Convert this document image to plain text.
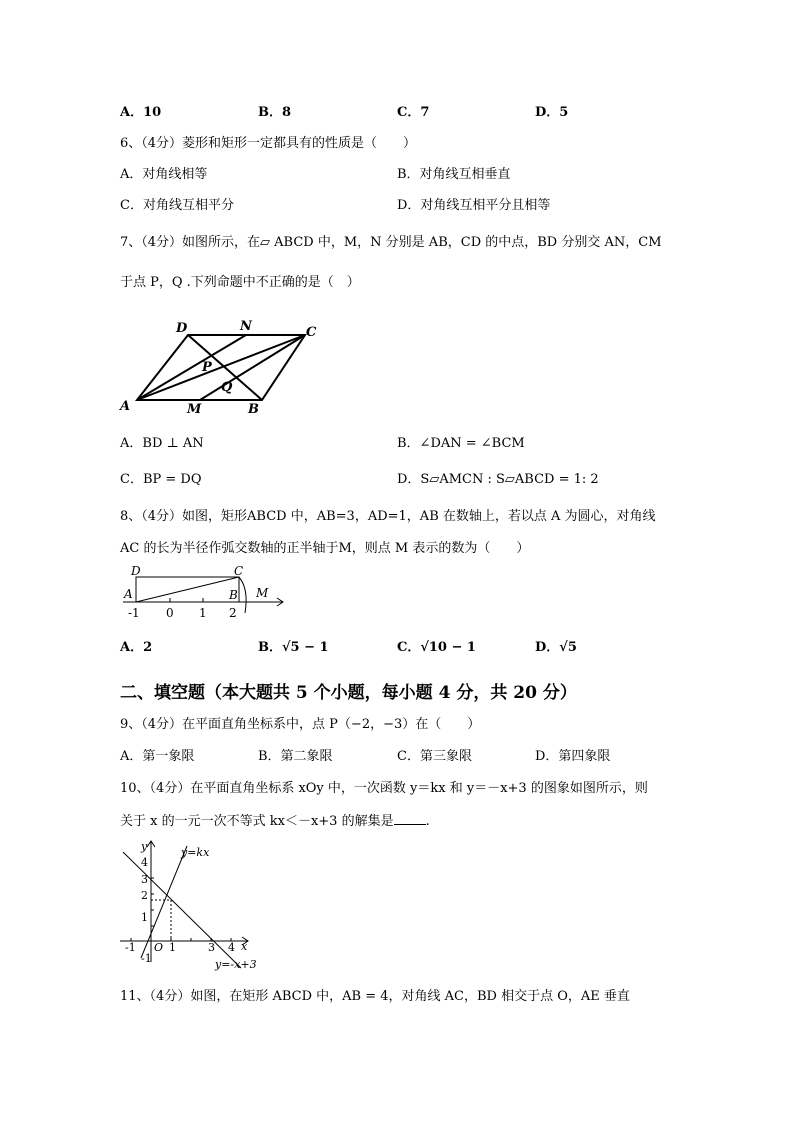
A．10	B．8	C．7	D．5
6、（4分）菱形和矩形一定都具有的性质是（　　）
A．对角线相等	B．对角线互相垂直
C．对角线互相平分	D．对角线互相平分且相等
7、（4分）如图所示，在▱ ABCD 中，M，N 分别是 AB，CD 的中点，BD 分别交 AN，CM
于点 P，Q .下列命题中不正确的是（　）
D	N	C
P
Q
A	M	B
A．BD ⊥ AN	B．∠DAN = ∠BCM
C．BP = DQ	D．S▱AMCN : S▱ABCD = 1: 2
8、（4分）如图，矩形ABCD 中，AB=3，AD=1，AB 在数轴上，若以点 A 为圆心，对角线
AC 的长为半径作弧交数轴的正半轴于M，则点 M 表示的数为（　　）
D	C
A	B M
-1 0 1 2
A．2	B．√5 − 1	C．√10 − 1	D．√5
二、填空题（本大题共 5 个小题，每小题 4 分，共 20 分）
9、（4分）在平面直角坐标系中，点 P（−2，−3）在（　　）
A．第一象限	B．第二象限	C．第三象限	D．第四象限
10、（4分）在平面直角坐标系 xOy 中，一次函数 y＝kx 和 y＝－x+3 的图象如图所示，则
关于 x 的一元一次不等式 kx＜－x+3 的解集是 .
y
x
O
y=kx
y=-x+3
4
3
2
1
-1
-1	1	3 4
11、（4分）如图，在矩形 ABCD 中，AB = 4，对角线 AC，BD 相交于点 O，AE 垂直
